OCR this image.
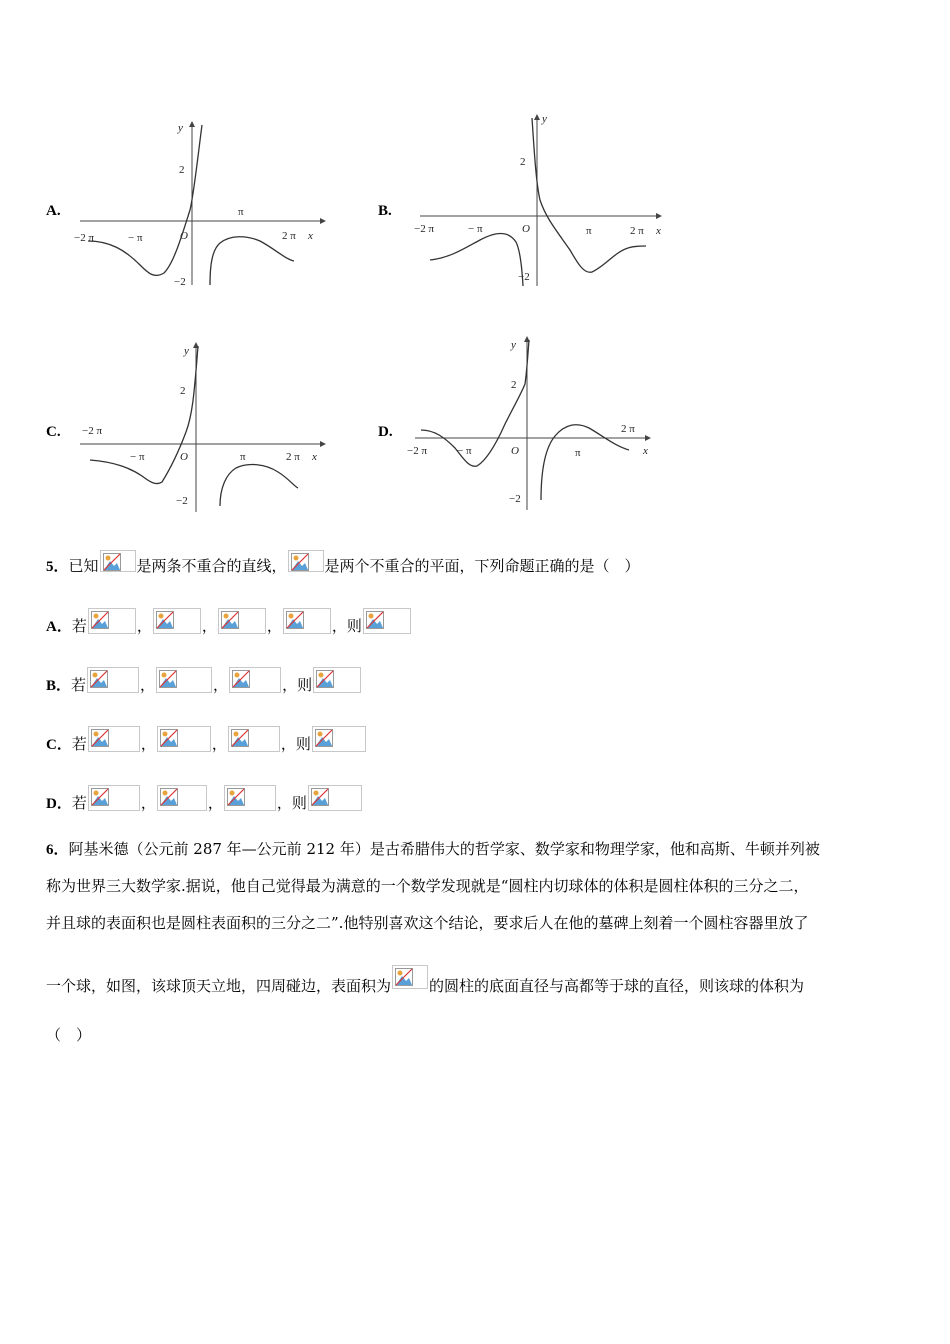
A.
y
2
−2
−2 π	− π	O
π
2 π x
B.
y
2
−2
−2 π	− π	O	π	2 π x
C.
y
2
−2
−2 π
− π	O	π	2 π x
D.
y
2
−2
−2 π	− π	O	π
2 π
x
5．已知	是两条不重合的直线，	是两个不重合的平面，下列命题正确的是（　）
A．若	，	，	，	，则
B．若	，	，	，则
C．若	，	，	，则
D．若	，	，	，则
6．阿基米德（公元前 287 年—公元前 212 年）是古希腊伟大的哲学家、数学家和物理学家，他和高斯、牛顿并列被
称为世界三大数学家.据说，他自己觉得最为满意的一个数学发现就是“圆柱内切球体的体积是圆柱体积的三分之二，
并且球的表面积也是圆柱表面积的三分之二”.他特别喜欢这个结论，要求后人在他的墓碑上刻着一个圆柱容器里放了
一个球，如图，该球顶天立地，四周碰边，表面积为	的圆柱的底面直径与高都等于球的直径，则该球的体积为
（　）
